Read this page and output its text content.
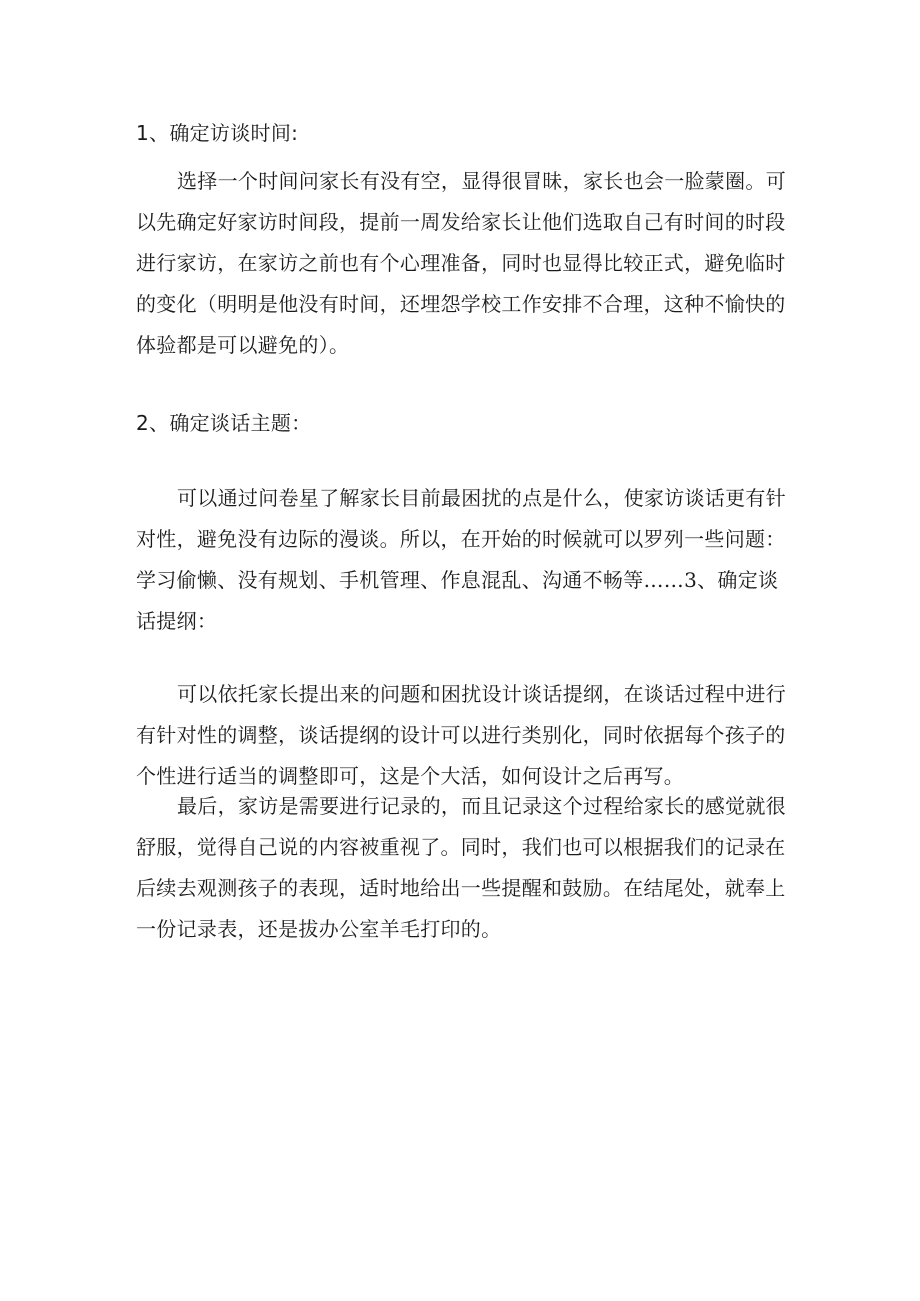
1、确定访谈时间:

选择一个时间问家长有没有空，显得很冒昧，家长也会一脸蒙圈。可以先确定好家访时间段，提前一周发给家长让他们选取自己有时间的时段进行家访，在家访之前也有个心理准备，同时也显得比较正式，避免临时的变化（明明是他没有时间，还埋怨学校工作安排不合理，这种不愉快的体验都是可以避免的）。

2、确定谈话主题：

可以通过问卷星了解家长目前最困扰的点是什么，使家访谈话更有针对性，避免没有边际的漫谈。所以，在开始的时候就可以罗列一些问题：学习偷懒、没有规划、手机管理、作息混乱、沟通不畅等……3、确定谈话提纲：

可以依托家长提出来的问题和困扰设计谈话提纲，在谈话过程中进行有针对性的调整，谈话提纲的设计可以进行类别化，同时依据每个孩子的个性进行适当的调整即可，这是个大活，如何设计之后再写。

最后，家访是需要进行记录的，而且记录这个过程给家长的感觉就很舒服，觉得自己说的内容被重视了。同时，我们也可以根据我们的记录在后续去观测孩子的表现，适时地给出一些提醒和鼓励。在结尾处，就奉上一份记录表，还是拔办公室羊毛打印的。
